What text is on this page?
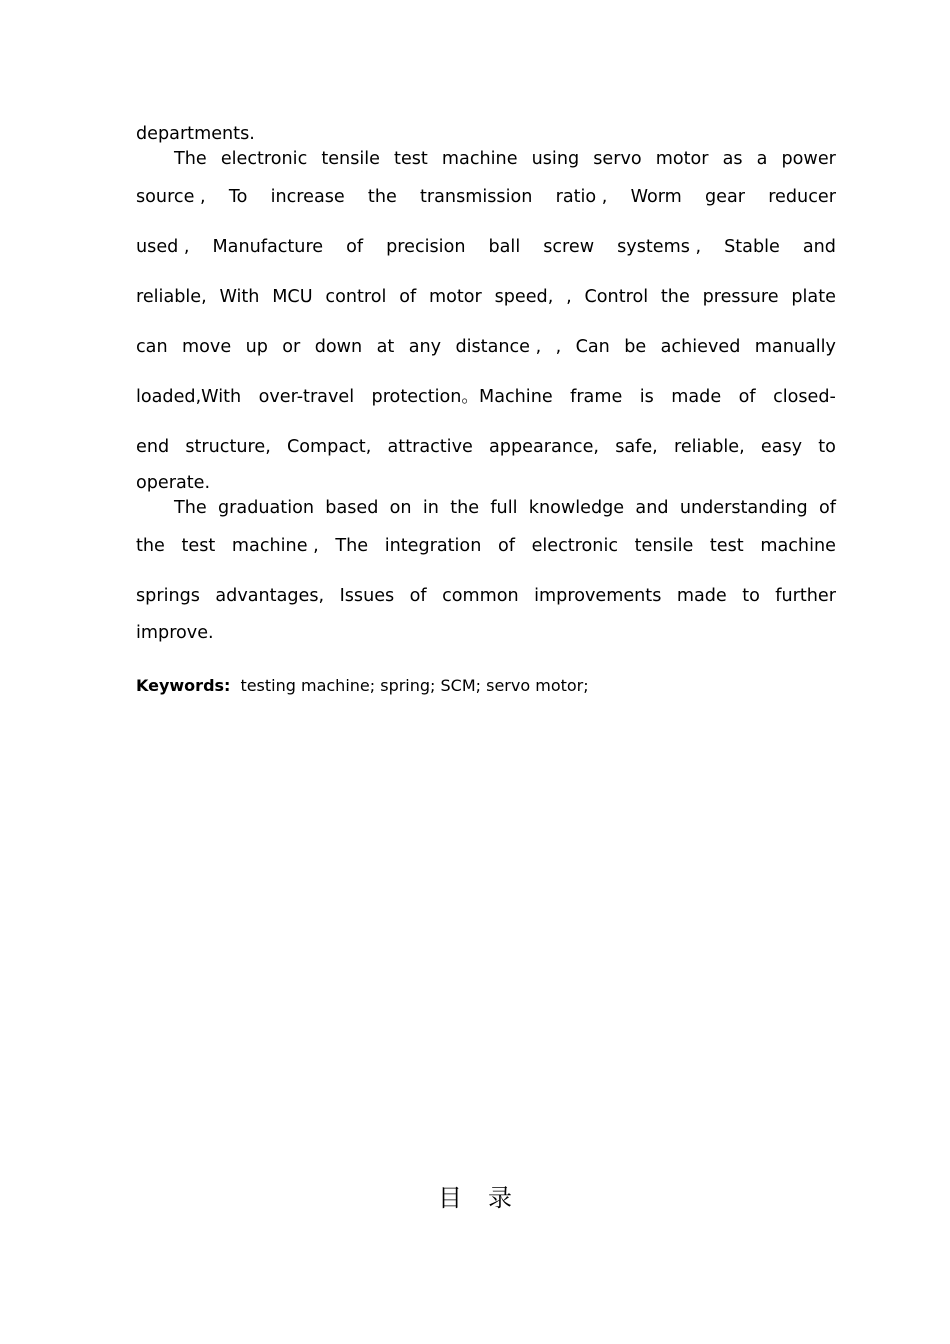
departments.
The electronic tensile test machine using servo motor as a power
source , To increase the transmission ratio , Worm gear reducer
used , Manufacture of precision ball screw systems , Stable and
reliable, With MCU control of motor speed, , Control the pressure plate
can move up or down at any distance , , Can be achieved manually
loaded,With over-travel protection。Machine frame is made of closed-
end structure, Compact, attractive appearance, safe, reliable, easy to
operate.
The graduation based on in the full knowledge and understanding of
the test machine , The integration of electronic tensile test machine
springs advantages, Issues of common improvements made to further
improve.
Keywords: testing machine; spring; SCM; servo motor;
目录
